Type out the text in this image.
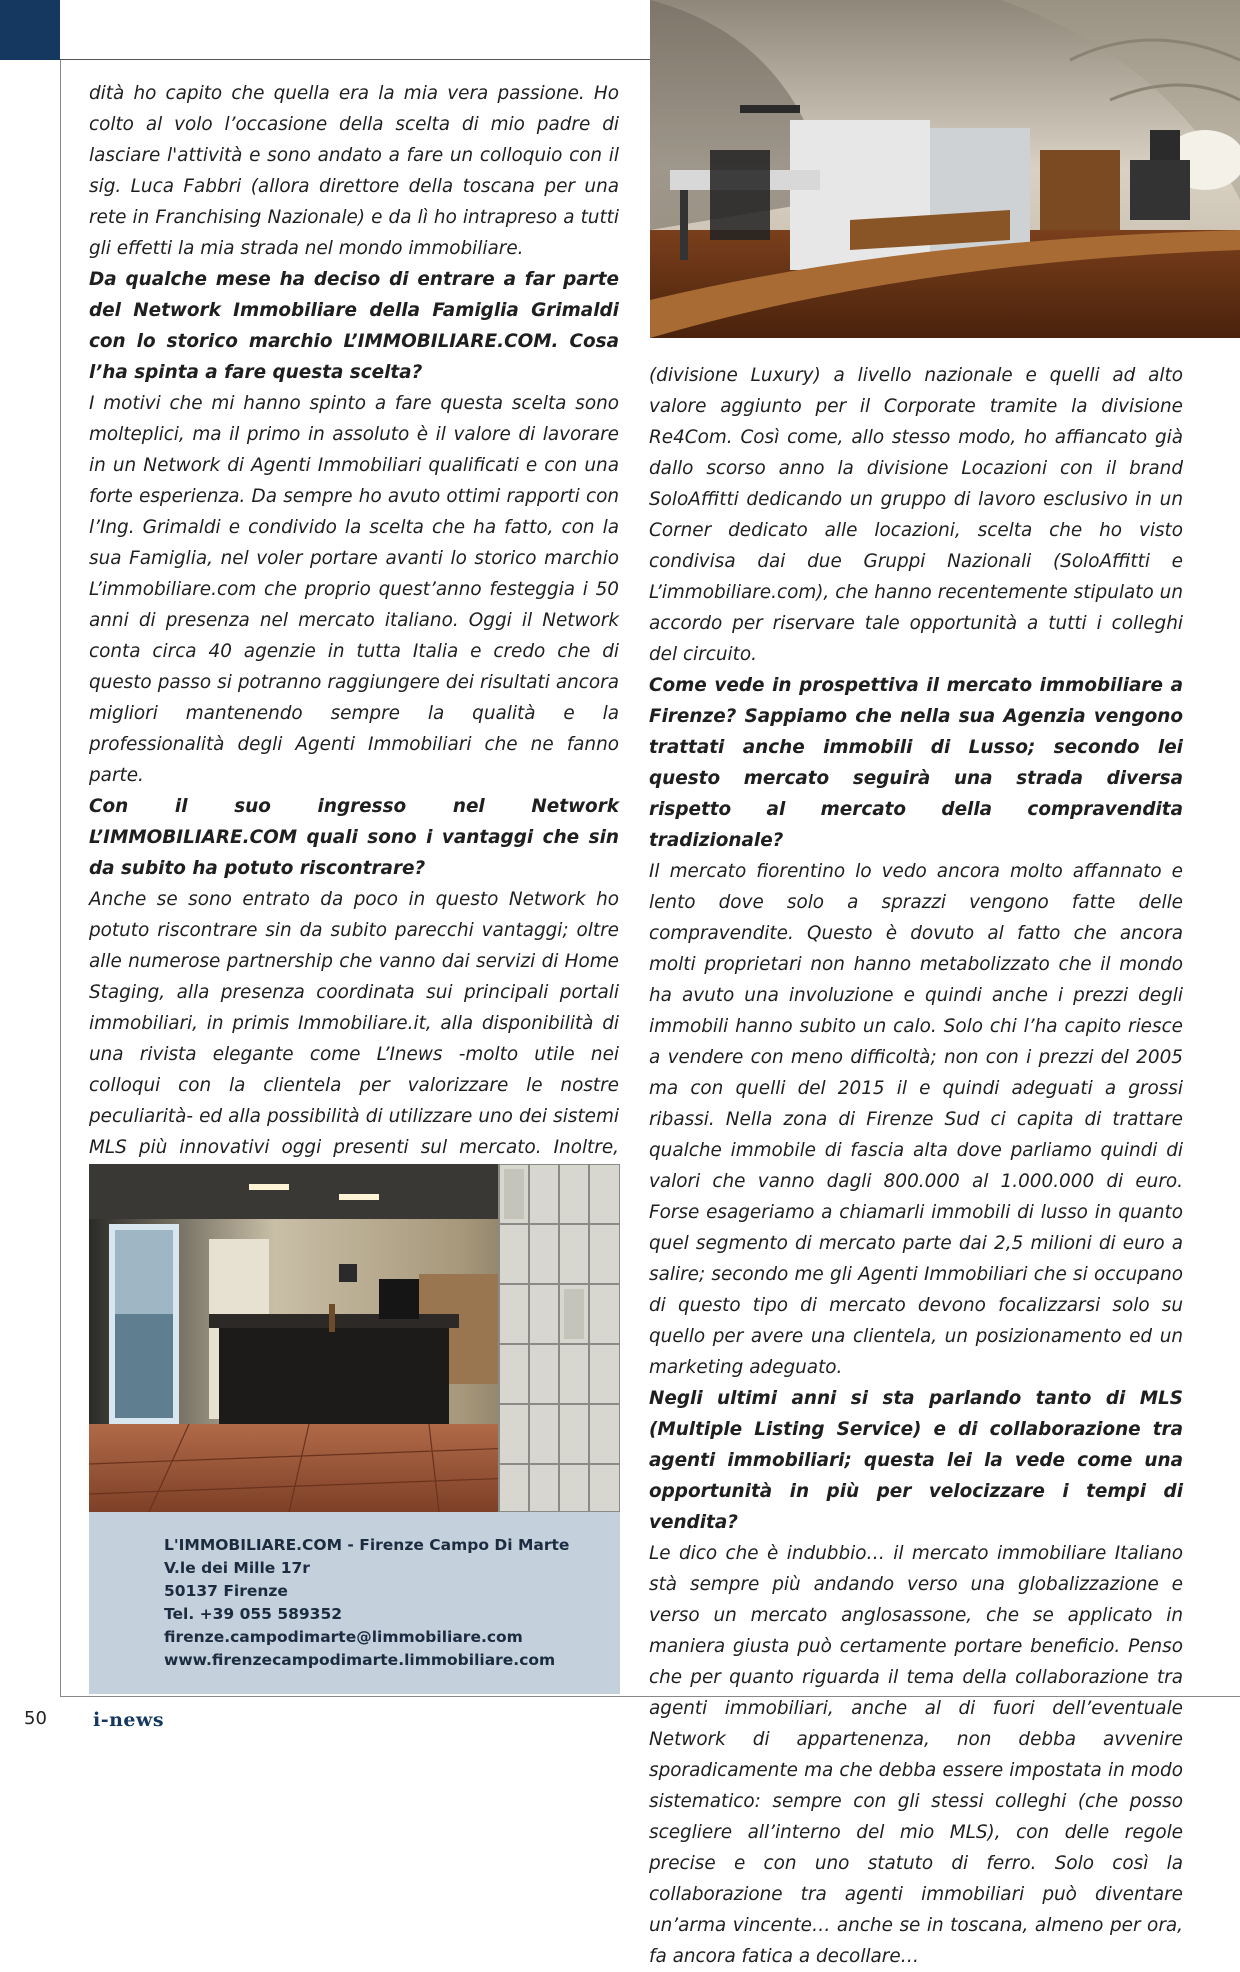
dità ho capito che quella era la mia vera passione. Ho colto al volo l’occasione della scelta di mio padre di lasciare l'attività e sono andato a fare un colloquio con il sig. Luca Fabbri (allora direttore della toscana per una rete in Franchising Nazionale) e da lì ho intrapreso a tutti gli effetti la mia strada nel mondo immobiliare.

Da qualche mese ha deciso di entrare a far parte del Network Immobiliare della Famiglia Grimaldi con lo storico marchio L’IMMOBILIARE.COM. Cosa l’ha spinta a fare questa scelta?

I motivi che mi hanno spinto a fare questa scelta sono molteplici, ma il primo in assoluto è il valore di lavorare in un Network di Agenti Immobiliari qualificati e con una forte esperienza. Da sempre ho avuto ottimi rapporti con l’Ing. Grimaldi e condivido la scelta che ha fatto, con la sua Famiglia, nel voler portare avanti lo storico marchio L’immobiliare.com che proprio quest’anno festeggia i 50 anni di presenza nel mercato italiano. Oggi il Network conta circa 40 agenzie in tutta Italia e credo che di questo passo si potranno raggiungere dei risultati ancora migliori mantenendo sempre la qualità e la professionalità degli Agenti Immobiliari che ne fanno parte.

Con il suo ingresso nel Network L’IMMOBILIARE.COM quali sono i vantaggi che sin da subito ha potuto riscontrare?

Anche se sono entrato da poco in questo Network ho potuto riscontrare sin da subito parecchi vantaggi; oltre alle numerose partnership che vanno dai servizi di Home Staging, alla presenza coordinata sui principali portali immobiliari, in primis Immobiliare.it, alla disponibilità di una rivista elegante come L’Inews -molto utile nei colloqui con la clientela per valorizzare le nostre peculiarità- ed alla possibilità di utilizzare uno dei sistemi MLS più innovativi oggi presenti sul mercato. Inoltre,

(divisione Luxury) a livello nazionale e quelli ad alto valore aggiunto per il Corporate tramite la divisione Re4Com. Così come, allo stesso modo, ho affiancato già dallo scorso anno la divisione Locazioni con il brand SoloAffitti dedicando un gruppo di lavoro esclusivo in un Corner dedicato alle locazioni, scelta che ho visto condivisa dai due Gruppi Nazionali (SoloAffitti e L’immobiliare.com), che hanno recentemente stipulato un accordo per riservare tale opportunità a tutti i colleghi del circuito.

Come vede in prospettiva il mercato immobiliare a Firenze? Sappiamo che nella sua Agenzia vengono trattati anche immobili di Lusso; secondo lei questo mercato seguirà una strada diversa rispetto al mercato della compravendita tradizionale?

Il mercato fiorentino lo vedo ancora molto affannato e lento dove solo a sprazzi vengono fatte delle compravendite. Questo è dovuto al fatto che ancora molti proprietari non hanno metabolizzato che il mondo ha avuto una involuzione e quindi anche i prezzi degli immobili hanno subito un calo. Solo chi l’ha capito riesce a vendere con meno difficoltà; non con i prezzi del 2005 ma con quelli del 2015 il e quindi adeguati a grossi ribassi. Nella zona di Firenze Sud ci capita di trattare qualche immobile di fascia alta dove parliamo quindi di valori che vanno dagli 800.000 al 1.000.000 di euro. Forse esageriamo a chiamarli immobili di lusso in quanto quel segmento di mercato parte dai 2,5 milioni di euro a salire; secondo me gli Agenti Immobiliari che si occupano di questo tipo di mercato devono focalizzarsi solo su quello per avere una clientela, un posizionamento ed un marketing adeguato.

Negli ultimi anni si sta parlando tanto di MLS (Multiple Listing Service) e di collaborazione tra agenti immobiliari; questa lei la vede come una opportunità in più per velocizzare i tempi di vendita?

Le dico che è indubbio… il mercato immobiliare Italiano stà sempre più andando verso una globalizzazione e verso un mercato anglosassone, che se applicato in maniera giusta può certamente portare beneficio. Penso che per quanto riguarda il tema della collaborazione tra agenti immobiliari, anche al di fuori dell’eventuale Network di appartenenza, non debba avvenire sporadicamente ma che debba essere impostata in modo sistematico: sempre con gli stessi colleghi (che posso scegliere all’interno del mio MLS), con delle regole precise e con uno statuto di ferro. Solo così la collaborazione tra agenti immobiliari può diventare un’arma vincente… anche se in toscana, almeno per ora, fa ancora fatica a decollare…

L'IMMOBILIARE.COM - Firenze Campo Di Marte
V.le dei Mille 17r
50137 Firenze
Tel. +39 055 589352
firenze.campodimarte@limmobiliare.com
www.firenzecampodimarte.limmobiliare.com
50 i-news
